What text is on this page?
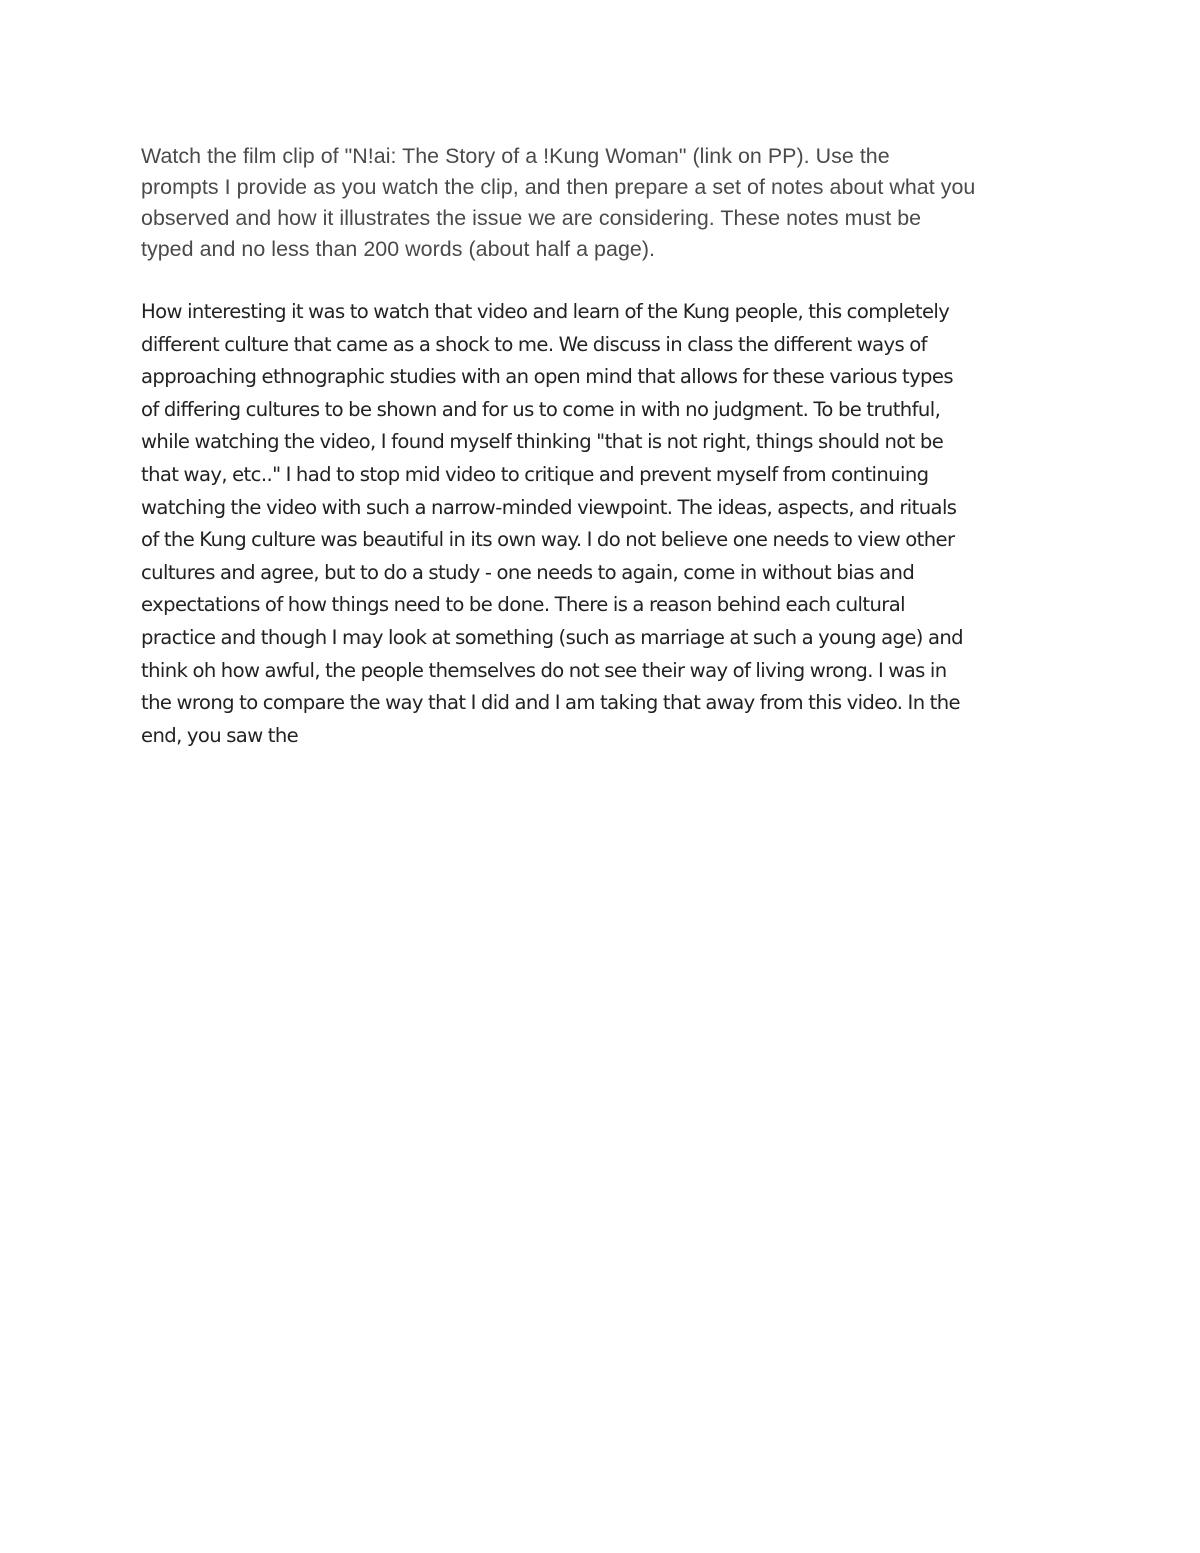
Watch the film clip of "N!ai: The Story of a !Kung Woman" (link on PP). Use the
prompts I provide as you watch the clip, and then prepare a set of notes about what you
observed and how it illustrates the issue we are considering. These notes must be
typed and no less than 200 words (about half a page).

How interesting it was to watch that video and learn of the Kung people, this completely
different culture that came as a shock to me. We discuss in class the different ways of
approaching ethnographic studies with an open mind that allows for these various types
of differing cultures to be shown and for us to come in with no judgment. To be truthful,
while watching the video, I found myself thinking "that is not right, things should not be
that way, etc.." I had to stop mid video to critique and prevent myself from continuing
watching the video with such a narrow-minded viewpoint. The ideas, aspects, and rituals
of the Kung culture was beautiful in its own way. I do not believe one needs to view other
cultures and agree, but to do a study - one needs to again, come in without bias and
expectations of how things need to be done. There is a reason behind each cultural
practice and though I may look at something (such as marriage at such a young age) and
think oh how awful, the people themselves do not see their way of living wrong. I was in
the wrong to compare the way that I did and I am taking that away from this video. In the
end, you saw the
